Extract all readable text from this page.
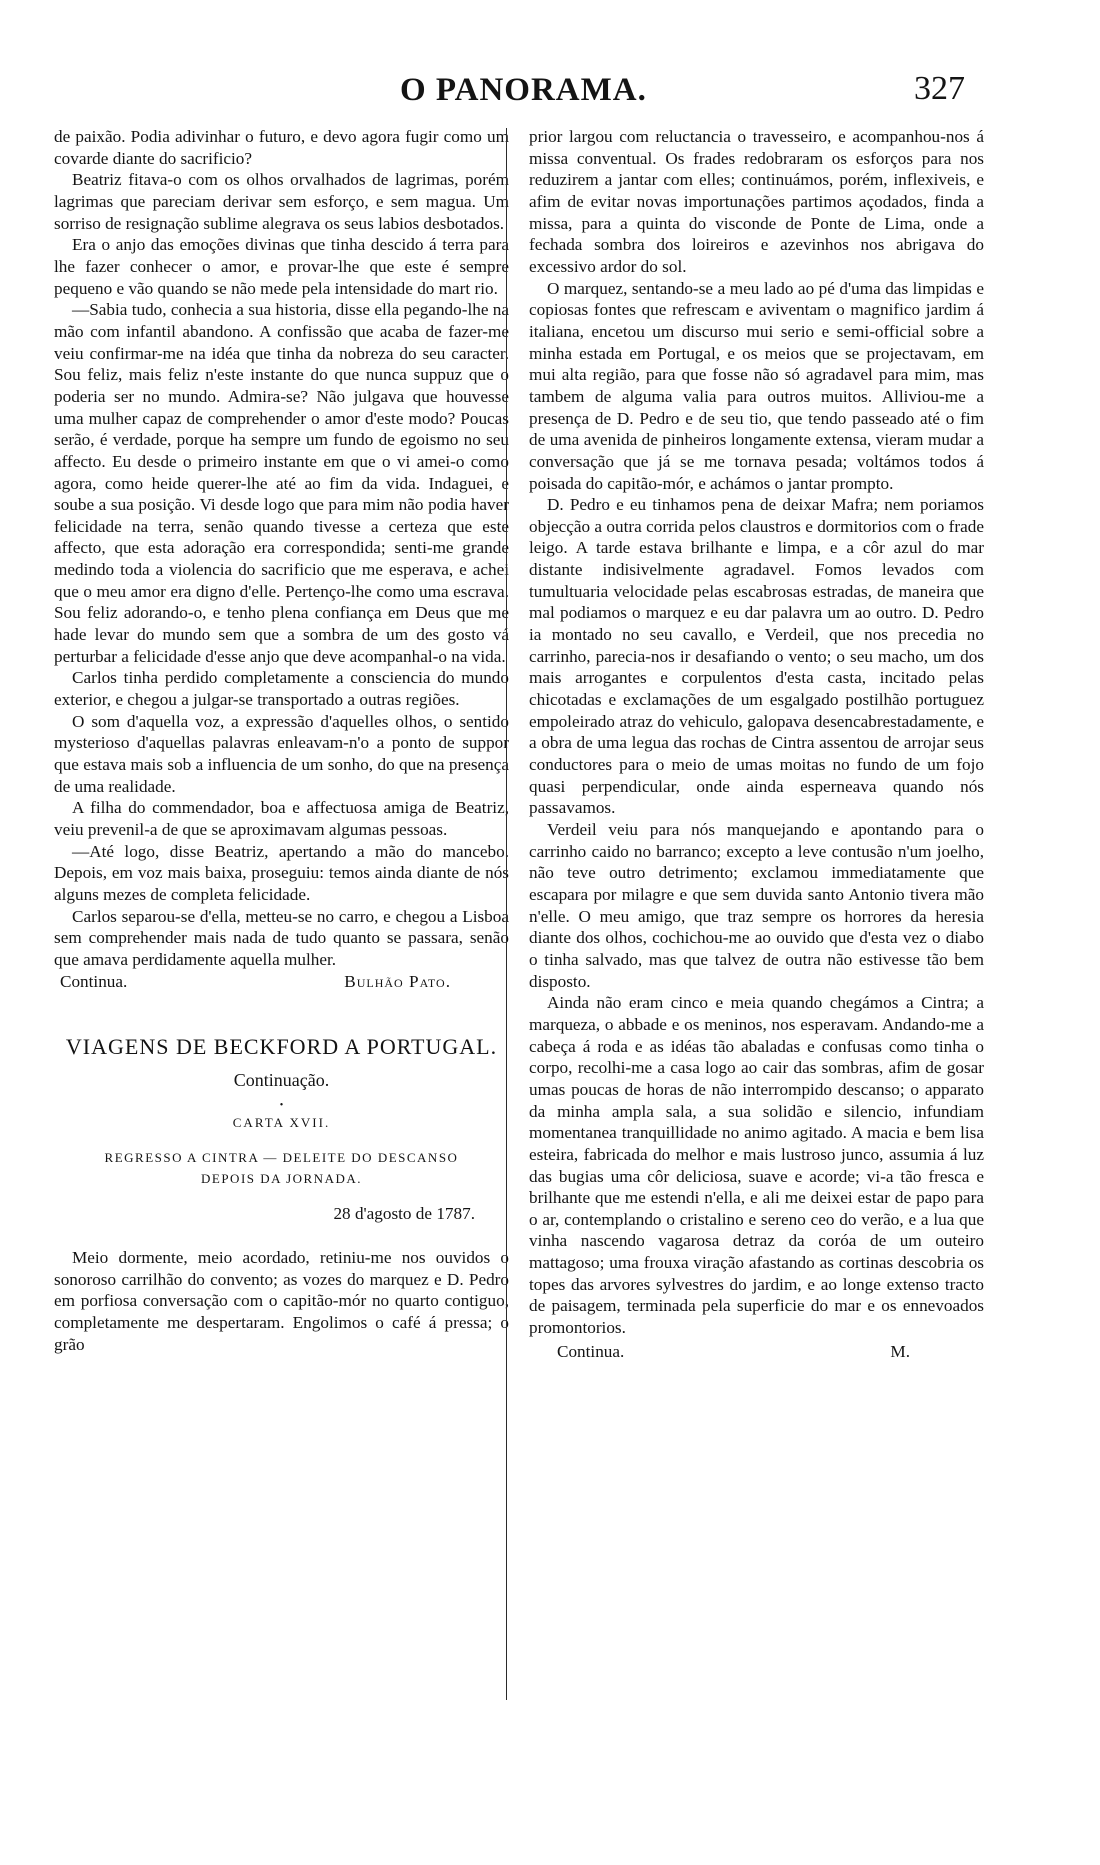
O PANORAMA.	327

de paixão. Podia adivinhar o futuro, e devo agora fugir como um covarde diante do sacrificio?

Beatriz fitava-o com os olhos orvalhados de lagrimas, porém lagrimas que pareciam derivar sem esforço, e sem magua. Um sorriso de resignação sublime alegrava os seus labios desbotados.

Era o anjo das emoções divinas que tinha descido á terra para lhe fazer conhecer o amor, e provar-lhe que este é sempre pequeno e vão quando se não mede pela intensidade do mart rio.

—Sabia tudo, conhecia a sua historia, disse ella pegando-lhe na mão com infantil abandono. A confissão que acaba de fazer-me veiu confirmar-me na idéa que tinha da nobreza do seu caracter. Sou feliz, mais feliz n'este instante do que nunca suppuz que o poderia ser no mundo. Admira-se? Não julgava que houvesse uma mulher capaz de comprehender o amor d'este modo? Poucas serão, é verdade, porque ha sempre um fundo de egoismo no seu affecto. Eu desde o primeiro instante em que o vi amei-o como agora, como heide querer-lhe até ao fim da vida. Indaguei, e soube a sua posição. Vi desde logo que para mim não podia haver felicidade na terra, senão quando tivesse a certeza que este affecto, que esta adoração era correspondida; senti-me grande medindo toda a violencia do sacrificio que me esperava, e achei que o meu amor era digno d'elle. Pertenço-lhe como uma escrava. Sou feliz adorando-o, e tenho plena confiança em Deus que me hade levar do mundo sem que a sombra de um des gosto vá perturbar a felicidade d'esse anjo que deve acompanhal-o na vida.

Carlos tinha perdido completamente a consciencia do mundo exterior, e chegou a julgar-se transportado a outras regiões.

O som d'aquella voz, a expressão d'aquelles olhos, o sentido mysterioso d'aquellas palavras enleavam-n'o a ponto de suppor que estava mais sob a influencia de um sonho, do que na presença de uma realidade.

A filha do commendador, boa e affectuosa amiga de Beatriz, veiu prevenil-a de que se aproximavam algumas pessoas.

—Até logo, disse Beatriz, apertando a mão do mancebo. Depois, em voz mais baixa, proseguiu: temos ainda diante de nós alguns mezes de completa felicidade.

Carlos separou-se d'ella, metteu-se no carro, e chegou a Lisboa sem comprehender mais nada de tudo quanto se passara, senão que amava perdidamente aquella mulher.

Continua.	Bulhão Pato.
VIAGENS DE BECKFORD A PORTUGAL.
Continuação.
•
CARTA XVII.
REGRESSO A CINTRA — DELEITE DO DESCANSO
DEPOIS DA JORNADA.
28 d'agosto de 1787.

Meio dormente, meio acordado, retiniu-me nos ouvidos o sonoroso carrilhão do convento; as vozes do marquez e D. Pedro em porfiosa conversação com o capitão-mór no quarto contiguo, completamente me despertaram. Engolimos o café á pressa; o grão

prior largou com reluctancia o travesseiro, e acompanhou-nos á missa conventual. Os frades redobraram os esforços para nos reduzirem a jantar com elles; continuámos, porém, inflexiveis, e afim de evitar novas importunações partimos açodados, finda a missa, para a quinta do visconde de Ponte de Lima, onde a fechada sombra dos loireiros e azevinhos nos abrigava do excessivo ardor do sol.

O marquez, sentando-se a meu lado ao pé d'uma das limpidas e copiosas fontes que refrescam e aviventam o magnifico jardim á italiana, encetou um discurso mui serio e semi-official sobre a minha estada em Portugal, e os meios que se projectavam, em mui alta região, para que fosse não só agradavel para mim, mas tambem de alguma valia para outros muitos. Alliviou-me a presença de D. Pedro e de seu tio, que tendo passeado até o fim de uma avenida de pinheiros longamente extensa, vieram mudar a conversação que já se me tornava pesada; voltámos todos á poisada do capitão-mór, e achámos o jantar prompto.

D. Pedro e eu tinhamos pena de deixar Mafra; nem poriamos objecção a outra corrida pelos claustros e dormitorios com o frade leigo. A tarde estava brilhante e limpa, e a côr azul do mar distante indisivelmente agradavel. Fomos levados com tumultuaria velocidade pelas escabrosas estradas, de maneira que mal podiamos o marquez e eu dar palavra um ao outro. D. Pedro ia montado no seu cavallo, e Verdeil, que nos precedia no carrinho, parecia-nos ir desafiando o vento; o seu macho, um dos mais arrogantes e corpulentos d'esta casta, incitado pelas chicotadas e exclamações de um esgalgado postilhão portuguez empoleirado atraz do vehiculo, galopava desencabrestadamente, e a obra de uma legua das rochas de Cintra assentou de arrojar seus conductores para o meio de umas moitas no fundo de um fojo quasi perpendicular, onde ainda esperneava quando nós passavamos.

Verdeil veiu para nós manquejando e apontando para o carrinho caido no barranco; excepto a leve contusão n'um joelho, não teve outro detrimento; exclamou immediatamente que escapara por milagre e que sem duvida santo Antonio tivera mão n'elle. O meu amigo, que traz sempre os horrores da heresia diante dos olhos, cochichou-me ao ouvido que d'esta vez o diabo o tinha salvado, mas que talvez de outra não estivesse tão bem disposto.

Ainda não eram cinco e meia quando chegámos a Cintra; a marqueza, o abbade e os meninos, nos esperavam. Andando-me a cabeça á roda e as idéas tão abaladas e confusas como tinha o corpo, recolhi-me a casa logo ao cair das sombras, afim de gosar umas poucas de horas de não interrompido descanso; o apparato da minha ampla sala, a sua solidão e silencio, infundiam momentanea tranquillidade no animo agitado. A macia e bem lisa esteira, fabricada do melhor e mais lustroso junco, assumia á luz das bugias uma côr deliciosa, suave e acorde; vi-a tão fresca e brilhante que me estendi n'ella, e ali me deixei estar de papo para o ar, contemplando o cristalino e sereno ceo do verão, e a lua que vinha nascendo vagarosa detraz da coróa de um outeiro mattagoso; uma frouxa viração afastando as cortinas descobria os topes das arvores sylvestres do jardim, e ao longe extenso tracto de paisagem, terminada pela superficie do mar e os ennevoados promontorios.

Continua.	M.
